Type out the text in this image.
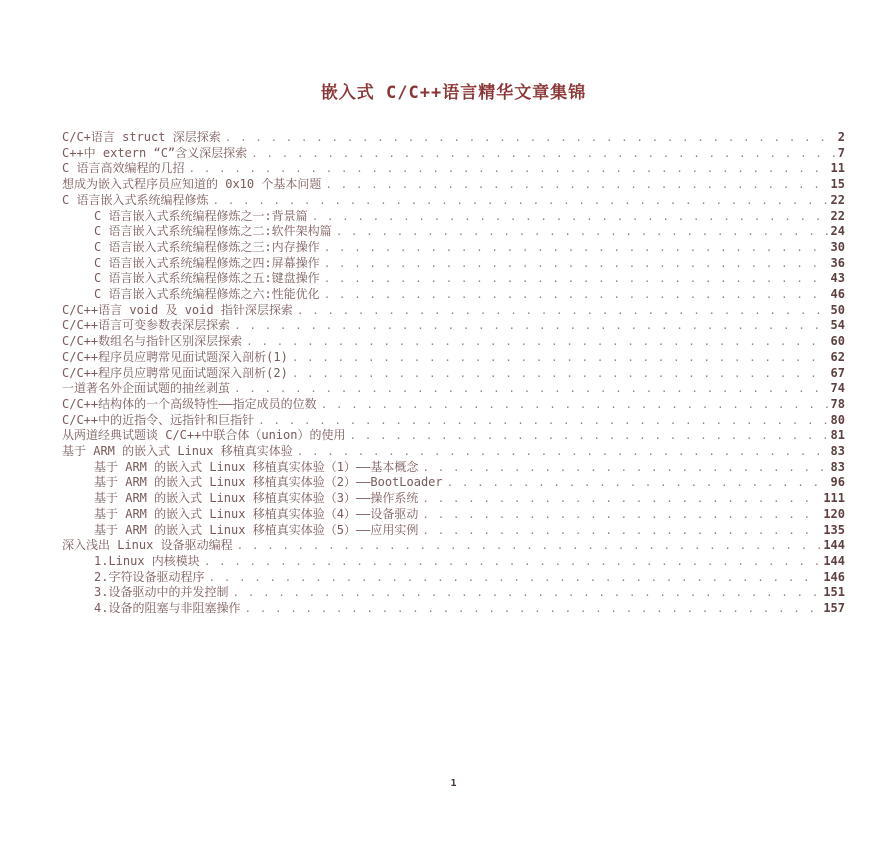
嵌入式 C/C++语言精华文章集锦
C/C+语言 struct 深层探索 . . .	2
C++中 extern “C”含义深层探索 . . .	7
C 语言高效编程的几招 . . .	11
想成为嵌入式程序员应知道的 0x10 个基本问题 . . .	15
C 语言嵌入式系统编程修炼 . . .	22
C 语言嵌入式系统编程修炼之一:背景篇 . . .	22
C 语言嵌入式系统编程修炼之二:软件架构篇 . . .	24
C 语言嵌入式系统编程修炼之三:内存操作 . . .	30
C 语言嵌入式系统编程修炼之四:屏幕操作 . . .	36
C 语言嵌入式系统编程修炼之五:键盘操作 . . .	43
C 语言嵌入式系统编程修炼之六:性能优化 . . .	46
C/C++语言 void 及 void 指针深层探索 . . .	50
C/C++语言可变参数表深层探索 . . .	54
C/C++数组名与指针区别深层探索 . . .	60
C/C++程序员应聘常见面试题深入剖析(1) . . .	62
C/C++程序员应聘常见面试题深入剖析(2) . . .	67
一道著名外企面试题的抽丝剥茧 . . .	74
C/C++结构体的一个高级特性——指定成员的位数 . . .	78
C/C++中的近指令、远指针和巨指针 . . .	80
从两道经典试题谈 C/C++中联合体（union）的使用 . . .	81
基于 ARM 的嵌入式 Linux 移植真实体验 . . .	83
基于 ARM 的嵌入式 Linux 移植真实体验（1）——基本概念 . . .	83
基于 ARM 的嵌入式 Linux 移植真实体验（2）——BootLoader . . .	96
基于 ARM 的嵌入式 Linux 移植真实体验（3）——操作系统 . . .	111
基于 ARM 的嵌入式 Linux 移植真实体验（4）——设备驱动 . . .	120
基于 ARM 的嵌入式 Linux 移植真实体验（5）——应用实例 . . .	135
深入浅出 Linux 设备驱动编程 . . .	144
1.Linux 内核模块 . . .	144
2.字符设备驱动程序 . . .	146
3.设备驱动中的并发控制 . . .	151
4.设备的阻塞与非阻塞操作 . . .	157
1
